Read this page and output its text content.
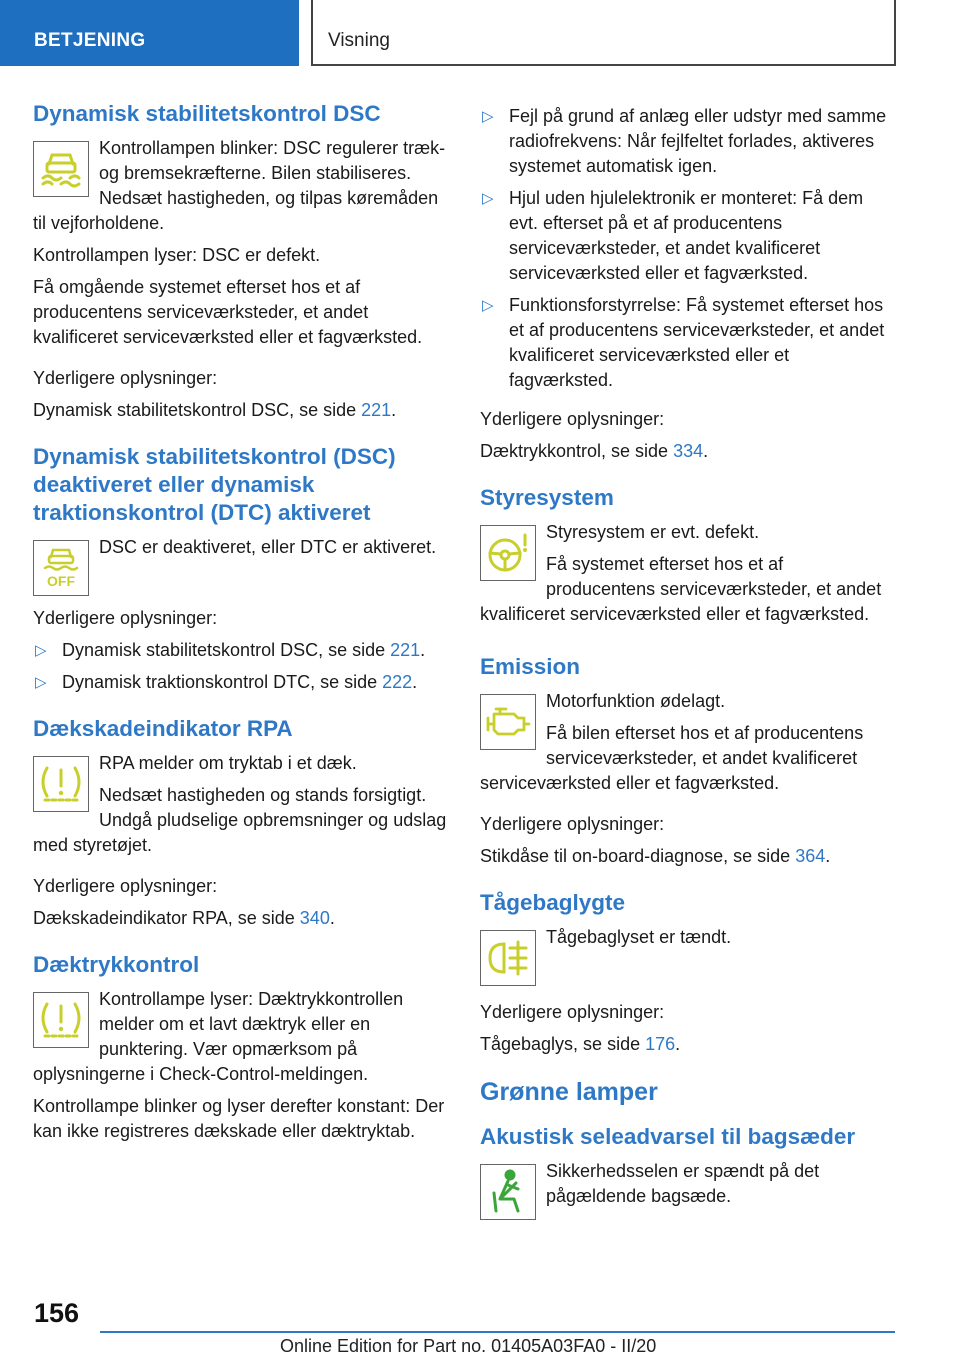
BETJENING	Visning
Dynamisk stabilitetskontrol DSC

Kontrollampen blinker: DSC regulerer træk- og bremsekræfterne. Bilen stabiliseres. Nedsæt hastigheden, og tilpas køremåden til vejforholdene.

Kontrollampen lyser: DSC er defekt.

Få omgående systemet efterset hos et af producentens serviceværksteder, et andet kvalificeret serviceværksted eller et fagværksted.

Yderligere oplysninger:

Dynamisk stabilitetskontrol DSC, se side 221.

Dynamisk stabilitetskontrol (DSC) deaktiveret eller dynamisk traktionskontrol (DTC) aktiveret
OFF

DSC er deaktiveret, eller DTC er aktiveret.

Yderligere oplysninger:

▷ Dynamisk stabilitetskontrol DSC, se side 221.
▷ Dynamisk traktionskontrol DTC, se side 222.
Dækskadeindikator RPA

RPA melder om tryktab i et dæk.

Nedsæt hastigheden og stands forsigtigt. Undgå pludselige opbremsninger og udslag med styretøjet.

Yderligere oplysninger:

Dækskadeindikator RPA, se side 340.

Dæktrykkontrol

Kontrollampe lyser: Dæktrykkontrollen melder om et lavt dæktryk eller en punktering. Vær opmærksom på oplysningerne i Check-Control-meldingen.

Kontrollampe blinker og lyser derefter konstant: Der kan ikke registreres dækskade eller dæktryktab.

▷ Fejl på grund af anlæg eller udstyr med samme radiofrekvens: Når fejlfeltet forlades, aktiveres systemet automatisk igen.
▷ Hjul uden hjulelektronik er monteret: Få dem evt. efterset på et af producentens serviceværksteder, et andet kvalificeret serviceværksted eller et fagværksted.
▷ Funktionsforstyrrelse: Få systemet efterset hos et af producentens serviceværksteder, et andet kvalificeret serviceværksted eller et fagværksted.

Yderligere oplysninger:

Dæktrykkontrol, se side 334.

Styresystem

Styresystem er evt. defekt.

Få systemet efterset hos et af producentens serviceværksteder, et andet kvalificeret serviceværksted eller et fagværksted.

Emission

Motorfunktion ødelagt.

Få bilen efterset hos et af producentens serviceværksteder, et andet kvalificeret serviceværksted eller et fagværksted.

Yderligere oplysninger:

Stikdåse til on-board-diagnose, se side 364.

Tågebaglygte

Tågebaglyset er tændt.

Yderligere oplysninger:

Tågebaglys, se side 176.

Grønne lamper
Akustisk seleadvarsel til bagsæder

Sikkerhedsselen er spændt på det pågældende bagsæde.

156
Online Edition for Part no. 01405A03FA0 - II/20
